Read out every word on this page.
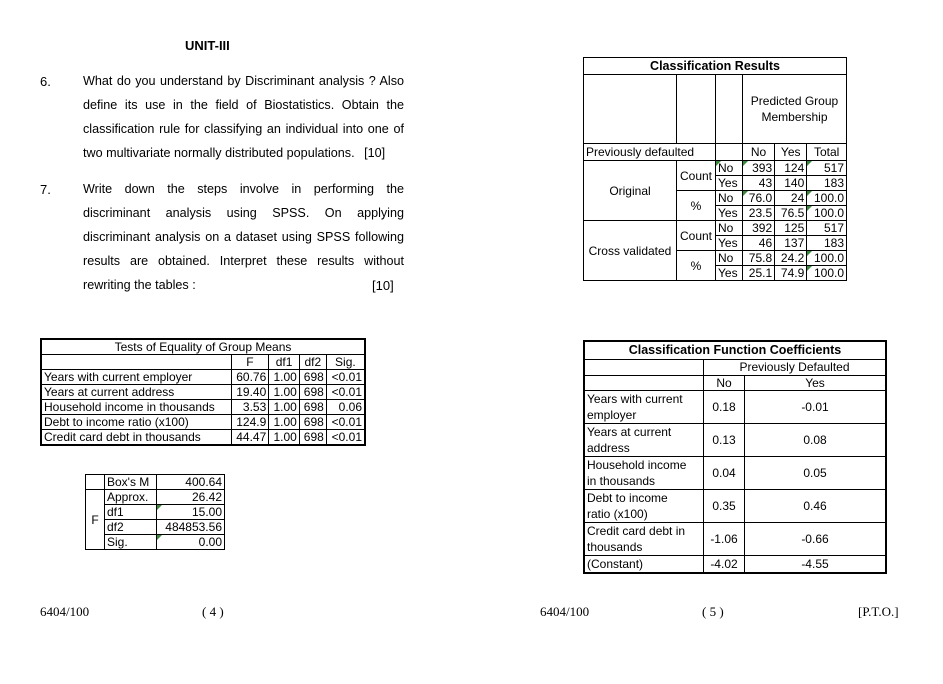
UNIT-III
6.	What do you understand by Discriminant analysis ? Also
define its use in the field of Biostatistics. Obtain the
classification rule for classifying an individual into one of
two multivariate normally distributed populations. [10]
7.	Write down the steps involve in performing the
discriminant analysis using SPSS. On applying
discriminant analysis on a dataset using SPSS following
results are obtained. Interpret these results without
rewriting the tables :	[10]
Tests of Equality of Group Means				
	F	df1	df2	Sig.
Years with current employer	60.76	1.00	698	<0.01
Years at current address	19.40	1.00	698	<0.01
Household income in thousands	3.53	1.00	698	0.06
Debt to income ratio (x100)	124.9	1.00	698	<0.01
Credit card debt in thousands	44.47	1.00	698	<0.01
	Box's M	400.64
F	Approx.	26.42
	df1	15.00
	df2	484853.56
	Sig.	0.00
Classification Results					
			Predicted Group Membership		
Previously defaulted			No	Yes	Total
Original	Count	No	393	124	517
		Yes	43	140	183
	%	No	76.0	24	100.0
		Yes	23.5	76.5	100.0
Cross validated	Count	No	392	125	517
		Yes	46	137	183
	%	No	75.8	24.2	100.0
		Yes	25.1	74.9	100.0
Classification Function Coefficients		
	Previously Defaulted	
	No	Yes

Years with current
employer	0.18	-0.01

Years at current
address	0.13	0.08

Household income
in thousands	0.04	0.05

Debt to income
ratio (x100)	0.35	0.46

Credit card debt in
thousands	-1.06	-0.66
(Constant)	-4.02	-4.55
6404/100	( 4 )	6404/100	( 5 )	[P.T.O.]
